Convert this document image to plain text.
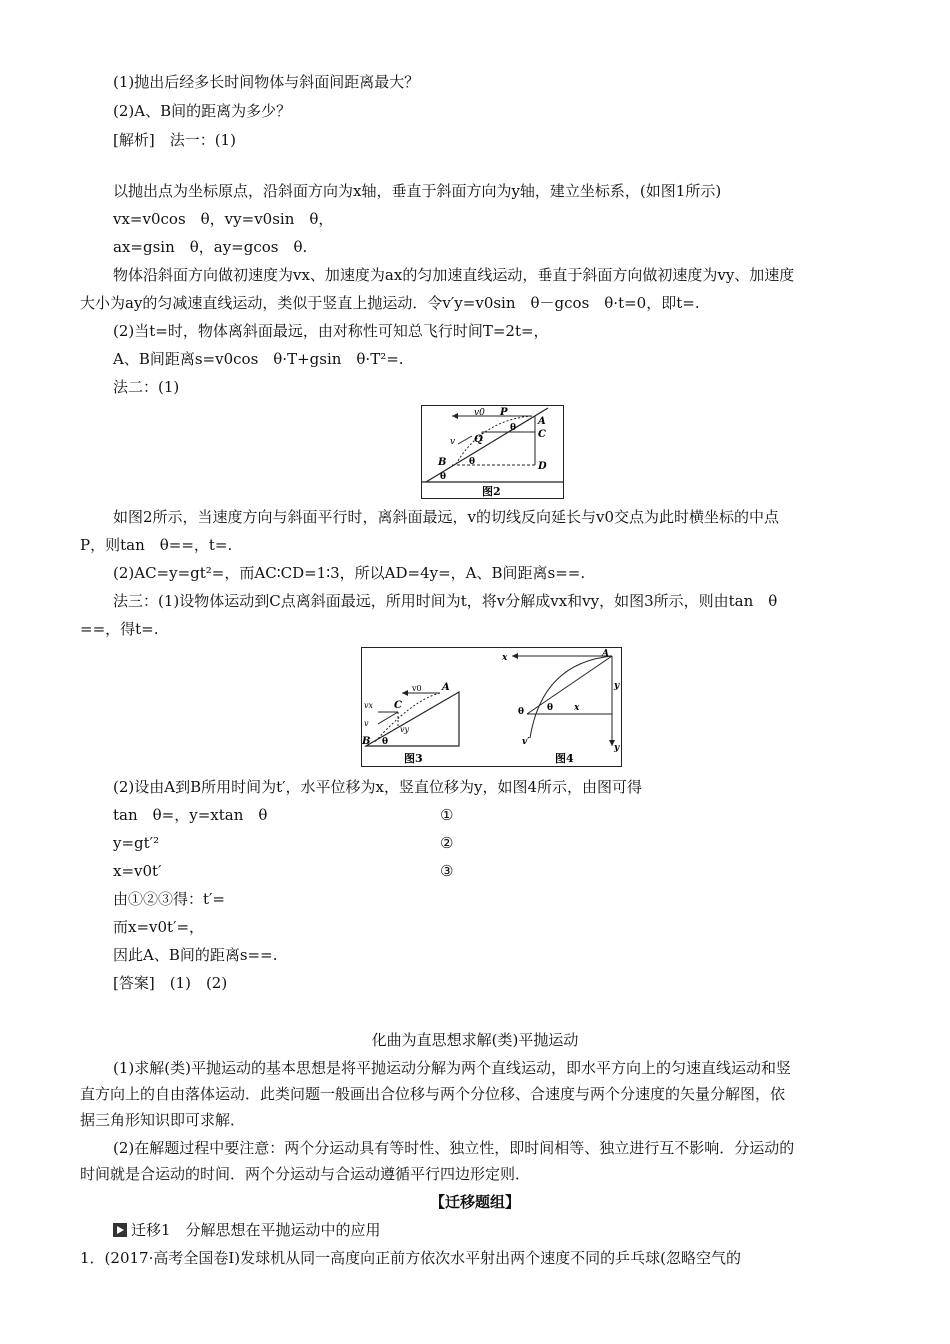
(1)抛出后经多长时间物体与斜面间距离最大？
(2)A、B间的距离为多少？
[解析]　法一：(1)
以抛出点为坐标原点，沿斜面方向为x轴，垂直于斜面方向为y轴，建立坐标系，(如图1所示)
vx=v0cos　θ，vy=v0sin　θ，
ax=gsin　θ，ay=gcos　θ.
物体沿斜面方向做初速度为vx、加速度为ax的匀加速直线运动，垂直于斜面方向做初速度为vy、加速度
大小为ay的匀减速直线运动，类似于竖直上抛运动．令v′y=v0sin　θ－gcos　θ·t=0，即t=.
(2)当t=时，物体离斜面最远，由对称性可知总飞行时间T=2t=，
A、B间距离s=v0cos　θ·T+gsin　θ·T²=.
法二：(1)
v0 P
A
C
D
Q
v
B
θ
θ
θ
图2
如图2所示，当速度方向与斜面平行时，离斜面最远，v的切线反向延长与v0交点为此时横坐标的中点
P，则tan　θ==，t=.
(2)AC=y=gt²=，而AC∶CD=1∶3，所以AD=4y=，A、B间距离s==.
法三：(1)设物体运动到C点离斜面最远，所用时间为t，将v分解成vx和vy，如图3所示，则由tan　θ
==，得t=.
v0 A
C
vx
v
vy
B θ
图3
x	A
y
θ	θ x
v′
y
图4
(2)设由A到B所用时间为t′，水平位移为x，竖直位移为y，如图4所示，由图可得
tan　θ=，y=xtan　θ	①
y=gt′²	②
x=v0t′	③
由①②③得：t′=
而x=v0t′=，
因此A、B间的距离s==.
[答案]　(1)　(2)
化曲为直思想求解(类)平抛运动
(1)求解(类)平抛运动的基本思想是将平抛运动分解为两个直线运动，即水平方向上的匀速直线运动和竖
直方向上的自由落体运动．此类问题一般画出合位移与两个分位移、合速度与两个分速度的矢量分解图，依
据三角形知识即可求解．
(2)在解题过程中要注意：两个分运动具有等时性、独立性，即时间相等、独立进行互不影响．分运动的
时间就是合运动的时间．两个分运动与合运动遵循平行四边形定则．
【迁移题组】
迁移1　分解思想在平抛运动中的应用
1．(2017·高考全国卷Ⅰ)发球机从同一高度向正前方依次水平射出两个速度不同的乒乓球(忽略空气的
